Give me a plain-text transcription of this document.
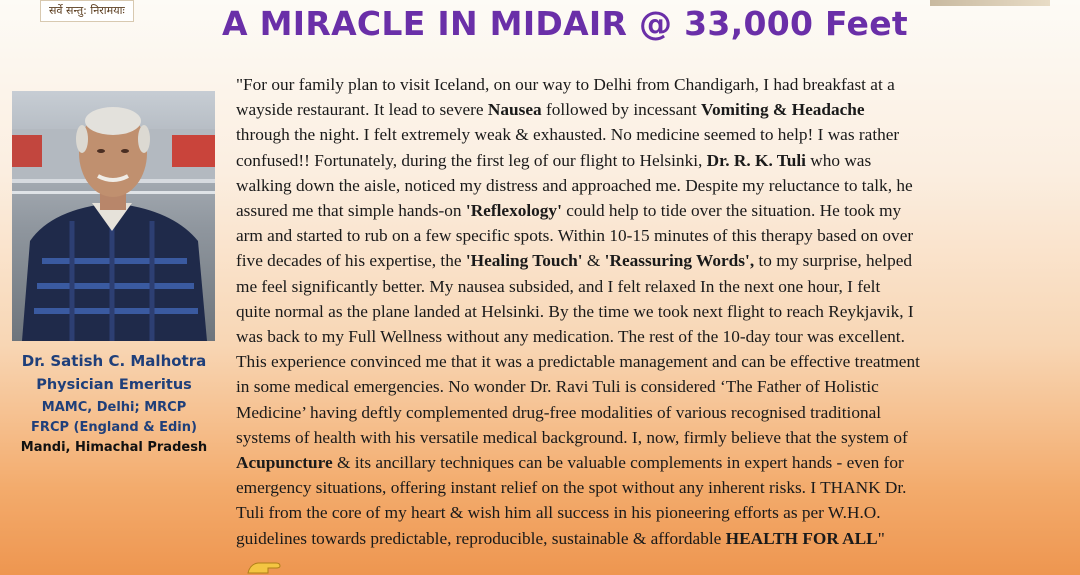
सर्वे सन्तु: निरामयाः	A MIRACLE IN MIDAIR @ 33,000 Feet
Dr. Satish C. Malhotra
Physician Emeritus
MAMC, Delhi; MRCP
FRCP (England & Edin)
Mandi, Himachal Pradesh
"For our family plan to visit Iceland, on our way to Delhi from Chandigarh, I had breakfast at a
wayside restaurant. It lead to severe Nausea followed by incessant Vomiting & Headache
through the night. I felt extremely weak & exhausted. No medicine seemed to help! I was rather
confused!! Fortunately, during the first leg of our flight to Helsinki, Dr. R. K. Tuli who was
walking down the aisle, noticed my distress and approached me. Despite my reluctance to talk, he
assured me that simple hands-on 'Reflexology' could help to tide over the situation. He took my
arm and started to rub on a few specific spots. Within 10-15 minutes of this therapy based on over
five decades of his expertise, the 'Healing Touch' & 'Reassuring Words', to my surprise, helped
me feel significantly better. My nausea subsided, and I felt relaxed In the next one hour, I felt
quite normal as the plane landed at Helsinki. By the time we took next flight to reach Reykjavik, I
was back to my Full Wellness without any medication. The rest of the 10-day tour was excellent.
This experience convinced me that it was a predictable management and can be effective treatment
in some medical emergencies. No wonder Dr. Ravi Tuli is considered ‘The Father of Holistic
Medicine’ having deftly complemented drug-free modalities of various recognised traditional
systems of health with his versatile medical background. I, now, firmly believe that the system of
Acupuncture & its ancillary techniques can be valuable complements in expert hands - even for
emergency situations, offering instant relief on the spot without any inherent risks. I THANK Dr.
Tuli from the core of my heart & wish him all success in his pioneering efforts as per W.H.O.
guidelines towards predictable, reproducible, sustainable & affordable HEALTH FOR ALL"
